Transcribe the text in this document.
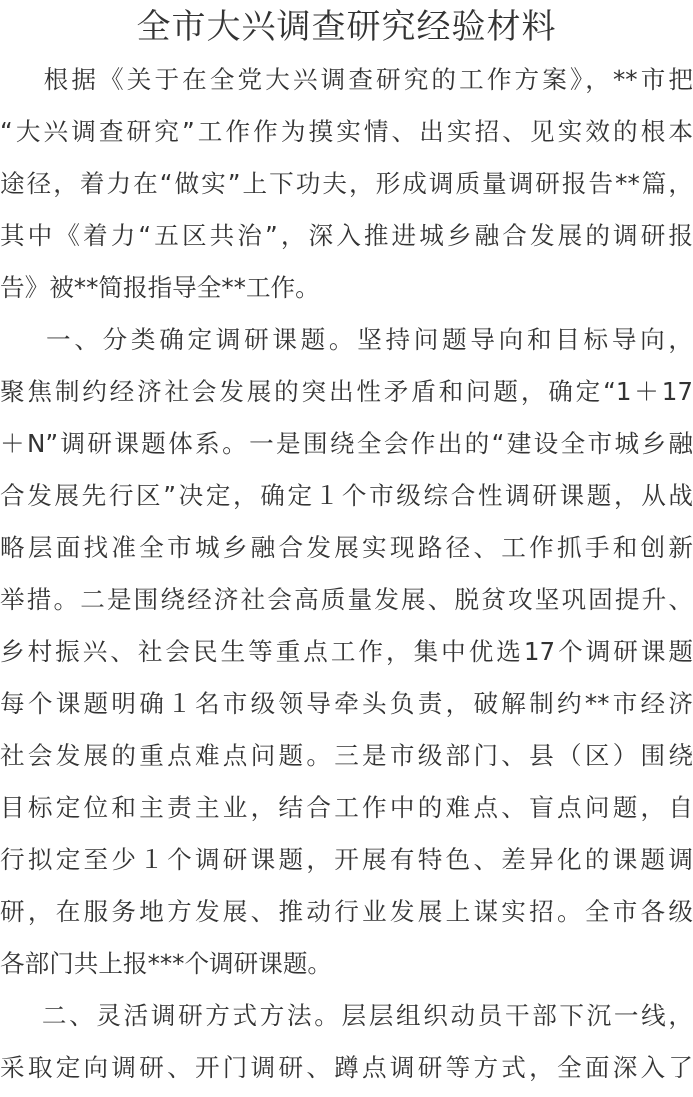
全市大兴调查研究经验材料
根据《关于在全党大兴调查研究的工作方案》，**市把
“大兴调查研究”工作作为摸实情、出实招、见实效的根本
途径，着力在“做实”上下功夫，形成调质量调研报告**篇，
其中《着力“五区共治”，深入推进城乡融合发展的调研报
告》被**简报指导全**工作。
一、分类确定调研课题。坚持问题导向和目标导向，
聚焦制约经济社会发展的突出性矛盾和问题，确定“1＋17
＋N”调研课题体系。一是围绕全会作出的“建设全市城乡融
合发展先行区”决定，确定１个市级综合性调研课题，从战
略层面找准全市城乡融合发展实现路径、工作抓手和创新
举措。二是围绕经济社会高质量发展、脱贫攻坚巩固提升、
乡村振兴、社会民生等重点工作，集中优选17个调研课题
每个课题明确１名市级领导牵头负责，破解制约**市经济
社会发展的重点难点问题。三是市级部门、县（区）围绕
目标定位和主责主业，结合工作中的难点、盲点问题，自
行拟定至少１个调研课题，开展有特色、差异化的课题调
研，在服务地方发展、推动行业发展上谋实招。全市各级
各部门共上报***个调研课题。
二、灵活调研方式方法。层层组织动员干部下沉一线，
采取定向调研、开门调研、蹲点调研等方式，全面深入了
